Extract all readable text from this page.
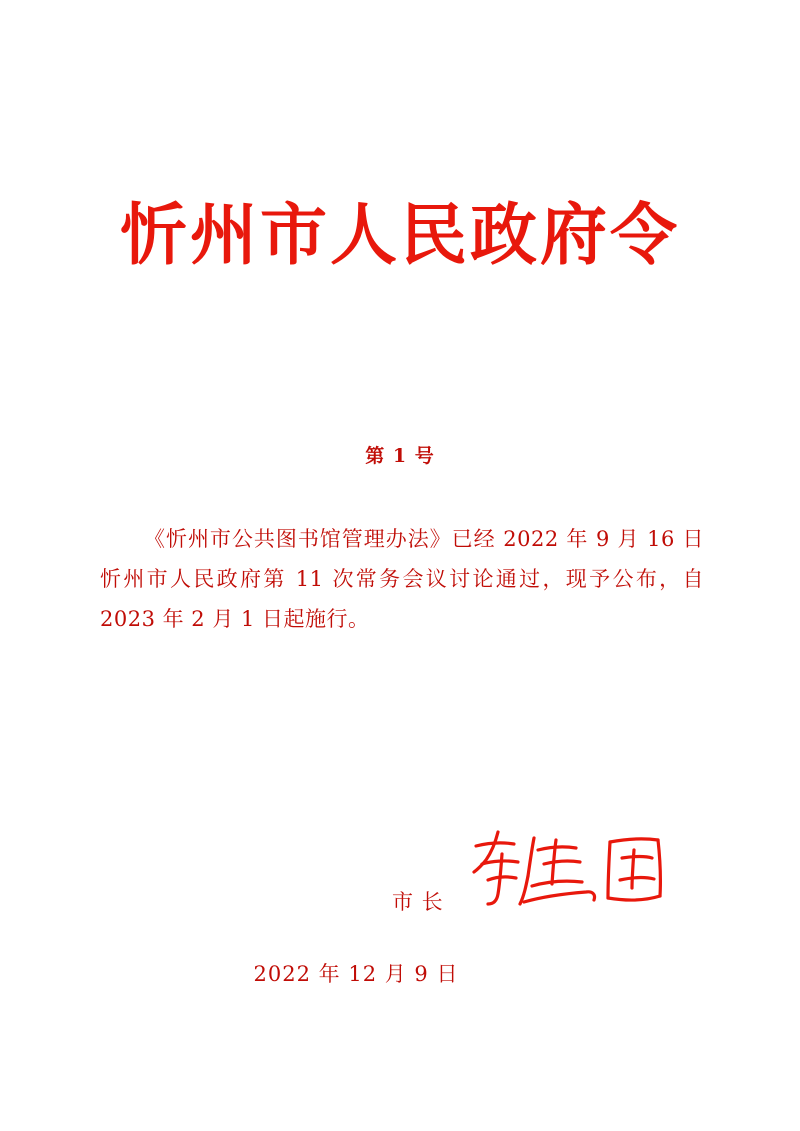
忻州市人民政府令
第 1 号
《忻州市公共图书馆管理办法》已经 2022 年 9 月 16 日忻州市人民政府第 11 次常务会议讨论通过，现予公布，自 2023 年 2 月 1 日起施行。
市 长
2022 年 12 月 9 日
